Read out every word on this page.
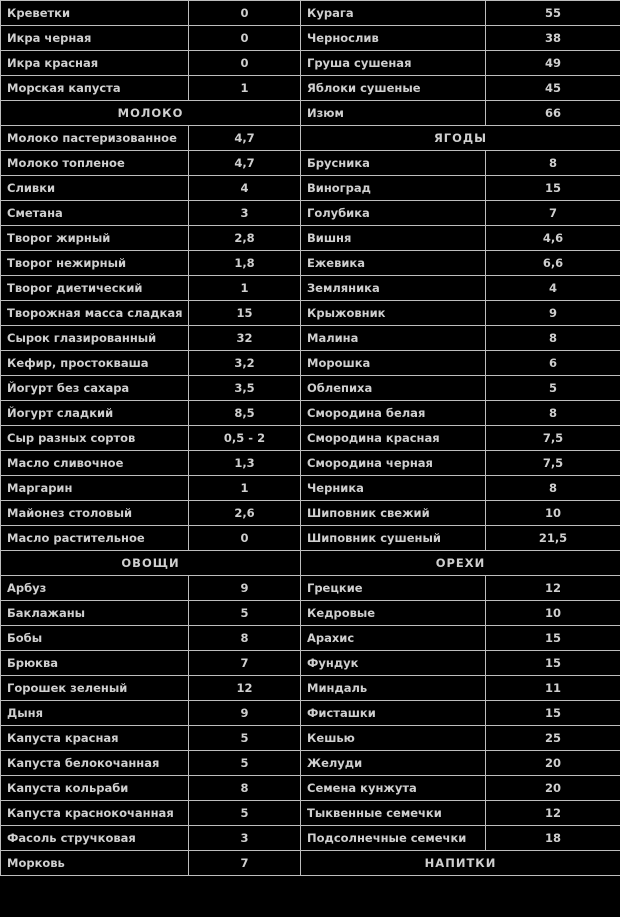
Креветки	0	Курага	55
Икра черная	0	Чернослив	38
Икра красная	0	Груша сушеная	49
Морская капуста	1	Яблоки сушеные	45
МОЛОКО		Изюм	66
Молоко пастеризованное	4,7	ЯГОДЫ	
Молоко топленое	4,7	Брусника	8
Сливки	4	Виноград	15
Сметана	3	Голубика	7
Творог жирный	2,8	Вишня	4,6
Творог нежирный	1,8	Ежевика	6,6
Творог диетический	1	Земляника	4
Творожная масса сладкая	15	Крыжовник	9
Сырок глазированный	32	Малина	8
Кефир, простокваша	3,2	Морошка	6
Йогурт без сахара	3,5	Облепиха	5
Йогурт сладкий	8,5	Смородина белая	8
Сыр разных сортов	0,5 - 2	Смородина красная	7,5
Масло сливочное	1,3	Смородина черная	7,5
Маргарин	1	Черника	8
Майонез столовый	2,6	Шиповник свежий	10
Масло растительное	0	Шиповник сушеный	21,5
ОВОЩИ		ОРЕХИ	
Арбуз	9	Грецкие	12
Баклажаны	5	Кедровые	10
Бобы	8	Арахис	15
Брюква	7	Фундук	15
Горошек зеленый	12	Миндаль	11
Дыня	9	Фисташки	15
Капуста красная	5	Кешью	25
Капуста белокочанная	5	Желуди	20
Капуста кольраби	8	Семена кунжута	20
Капуста краснокочанная	5	Тыквенные семечки	12
Фасоль стручковая	3	Подсолнечные семечки	18
Морковь	7	НАПИТКИ	
